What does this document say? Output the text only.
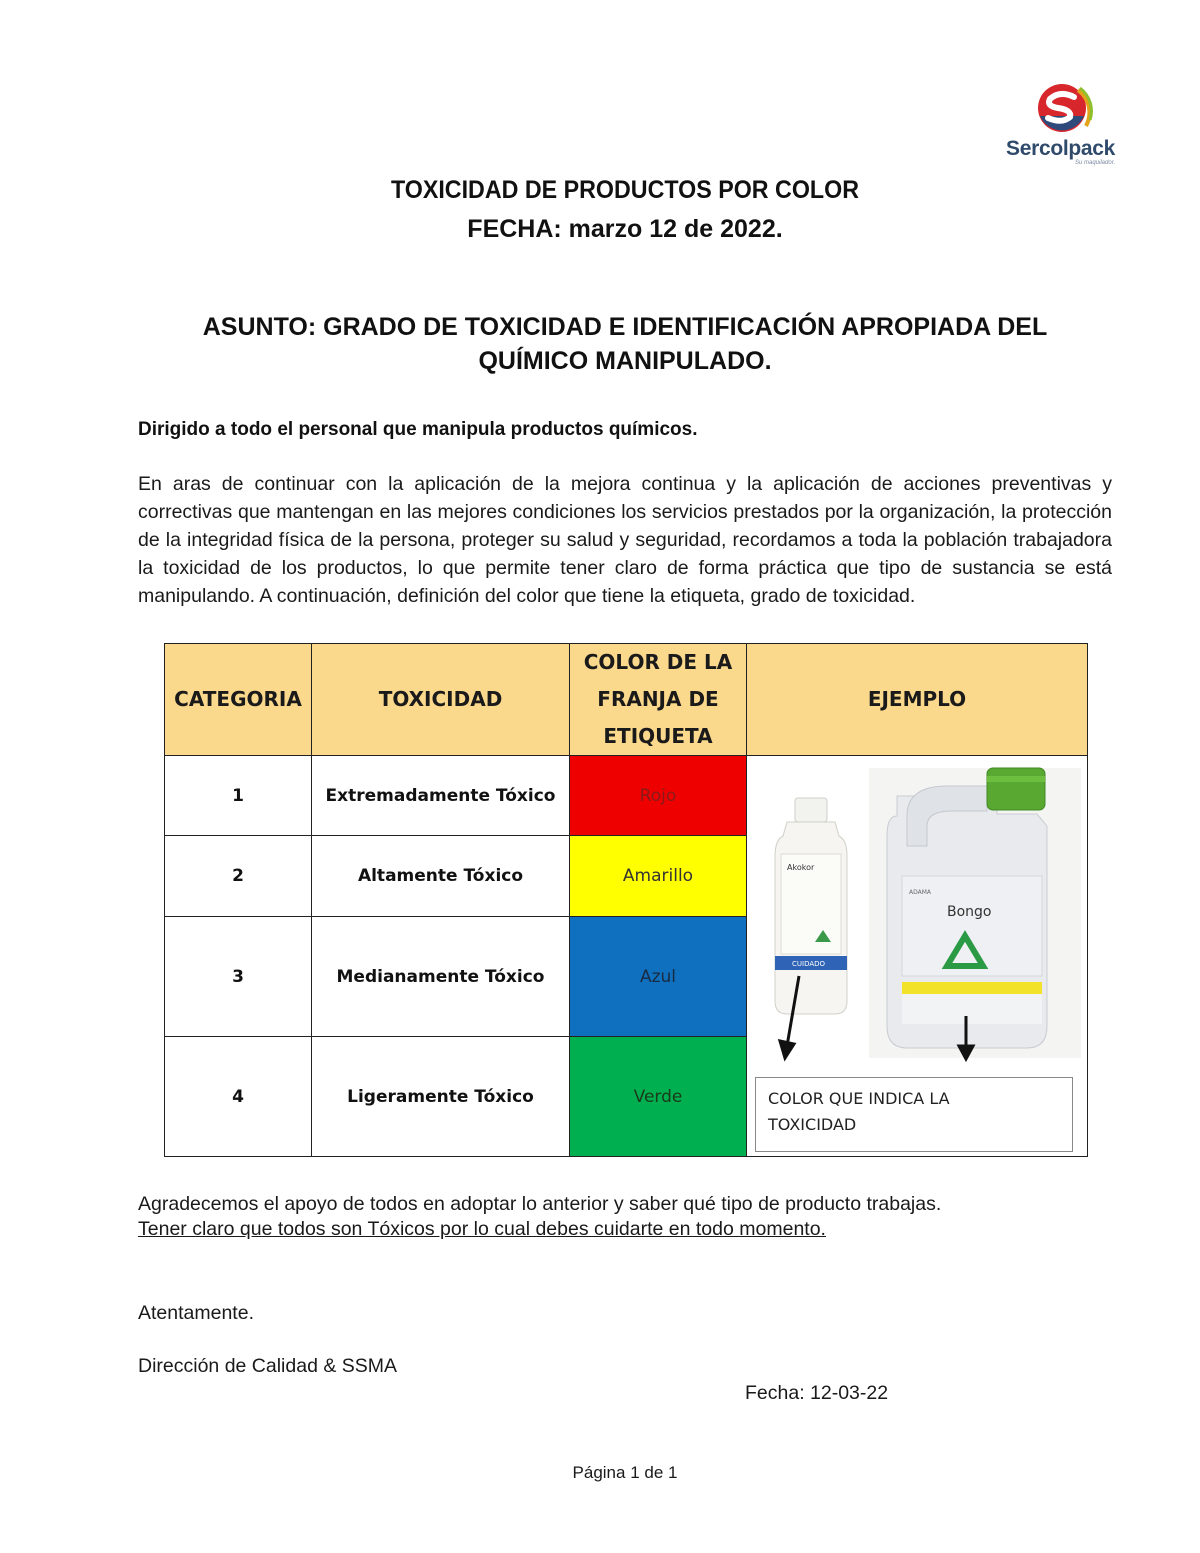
Sercolpack
Su maquilador.
TOXICIDAD DE PRODUCTOS POR COLOR
FECHA: marzo 12 de 2022.
ASUNTO: GRADO DE TOXICIDAD E IDENTIFICACIÓN APROPIADA DEL QUÍMICO MANIPULADO.
Dirigido a todo el personal que manipula productos químicos.
En aras de continuar con la aplicación de la mejora continua y la aplicación de acciones preventivas y correctivas que mantengan en las mejores condiciones los servicios prestados por la organización, la protección de la integridad física de la persona, proteger su salud y seguridad, recordamos a toda la población trabajadora la toxicidad de los productos, lo que permite tener claro de forma práctica que tipo de sustancia se está manipulando. A continuación, definición del color que tiene la etiqueta, grado de toxicidad.
CATEGORIA	TOXICIDAD	COLOR DE LA FRANJA DE ETIQUETA	EJEMPLO
1	Extremadamente Tóxico	Rojo	Akokor
CUIDADO
ADAMA
Bongo

2	Altamente Tóxico	Amarillo	
3	Medianamente Tóxico	Azul	
4	Ligeramente Tóxico	Verde		COLOR QUE INDICA LA TOXICIDAD
Agradecemos el apoyo de todos en adoptar lo anterior y saber qué tipo de producto trabajas.
Tener claro que todos son Tóxicos por lo cual debes cuidarte en todo momento.
Atentamente.
Dirección de Calidad & SSMA
Fecha: 12-03-22
Página 1 de 1
